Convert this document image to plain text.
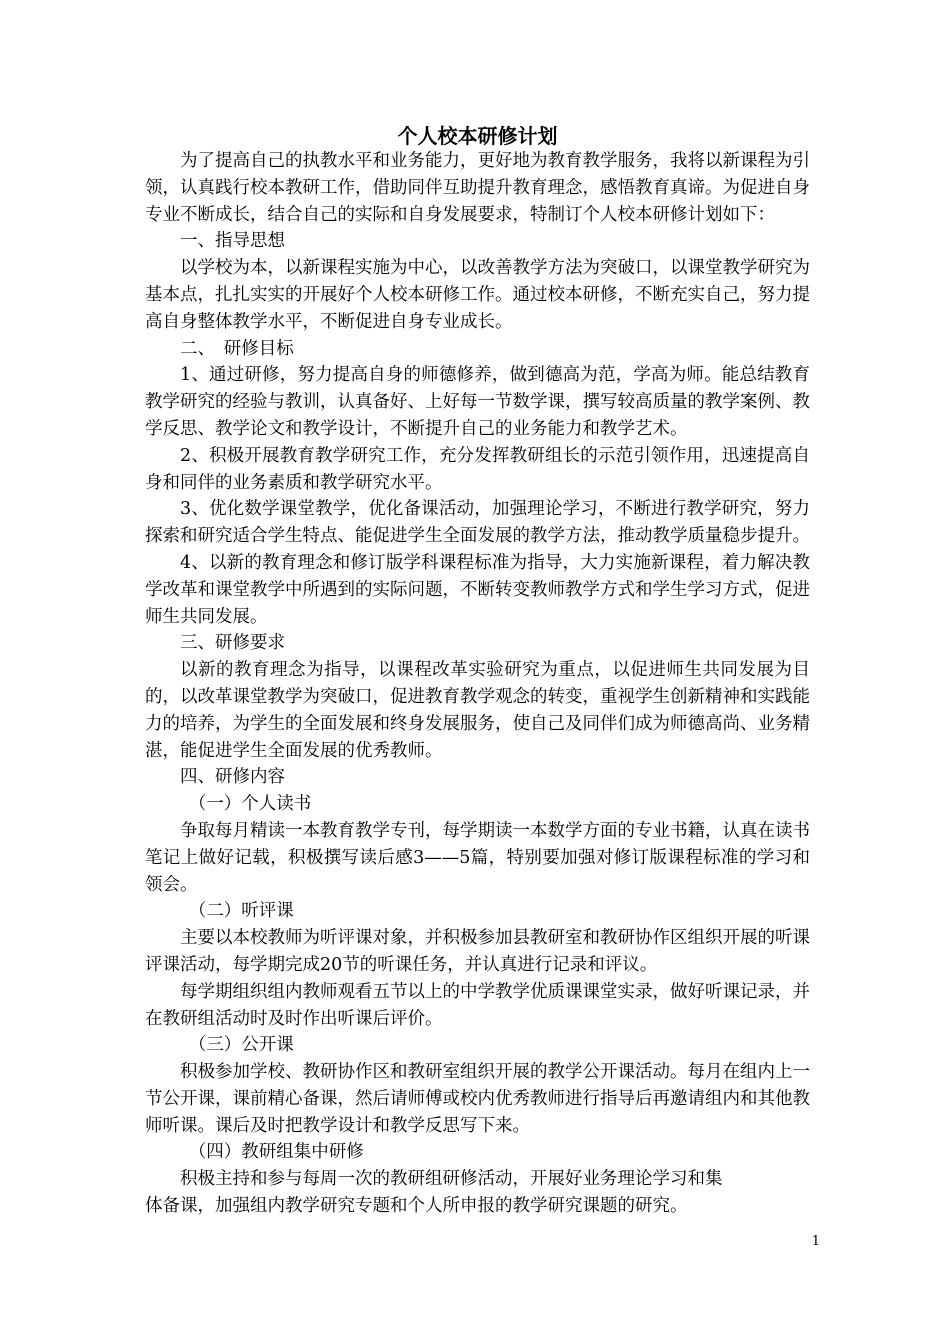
个人校本研修计划

为了提高自己的执教水平和业务能力，更好地为教育教学服务，我将以新课程为引领，认真践行校本教研工作，借助同伴互助提升教育理念，感悟教育真谛。为促进自身专业不断成长，结合自己的实际和自身发展要求，特制订个人校本研修计划如下：

一、指导思想

以学校为本，以新课程实施为中心，以改善教学方法为突破口，以课堂教学研究为基本点，扎扎实实的开展好个人校本研修工作。通过校本研修，不断充实自己，努力提高自身整体教学水平，不断促进自身专业成长。

二、　研修目标

1、通过研修，努力提高自身的师德修养，做到德高为范，学高为师。能总结教育教学研究的经验与教训，认真备好、上好每一节数学课，撰写较高质量的教学案例、教学反思、教学论文和教学设计，不断提升自己的业务能力和教学艺术。

2、积极开展教育教学研究工作，充分发挥教研组长的示范引领作用，迅速提高自身和同伴的业务素质和教学研究水平。

3、优化数学课堂教学，优化备课活动，加强理论学习，不断进行教学研究，努力探索和研究适合学生特点、能促进学生全面发展的教学方法，推动教学质量稳步提升。

4、以新的教育理念和修订版学科课程标准为指导，大力实施新课程，着力解决教学改革和课堂教学中所遇到的实际问题，不断转变教师教学方式和学生学习方式，促进师生共同发展。

三、研修要求

以新的教育理念为指导，以课程改革实验研究为重点，以促进师生共同发展为目的，以改革课堂教学为突破口，促进教育教学观念的转变，重视学生创新精神和实践能力的培养，为学生的全面发展和终身发展服务，使自己及同伴们成为师德高尚、业务精湛，能促进学生全面发展的优秀教师。

四、研修内容

（一）个人读书

争取每月精读一本教育教学专刊，每学期读一本数学方面的专业书籍，认真在读书笔记上做好记载，积极撰写读后感3——5篇，特别要加强对修订版课程标准的学习和领会。

（二）听评课

主要以本校教师为听评课对象，并积极参加县教研室和教研协作区组织开展的听课评课活动，每学期完成20节的听课任务，并认真进行记录和评议。

每学期组织组内教师观看五节以上的中学教学优质课课堂实录，做好听课记录，并在教研组活动时及时作出听课后评价。

（三）公开课

积极参加学校、教研协作区和教研室组织开展的教学公开课活动。每月在组内上一节公开课，课前精心备课，然后请师傅或校内优秀教师进行指导后再邀请组内和其他教师听课。课后及时把教学设计和教学反思写下来。

（四）教研组集中研修

积极主持和参与每周一次的教研组研修活动，开展好业务理论学习和集体备课，加强组内教学研究专题和个人所申报的教学研究课题的研究。

1
